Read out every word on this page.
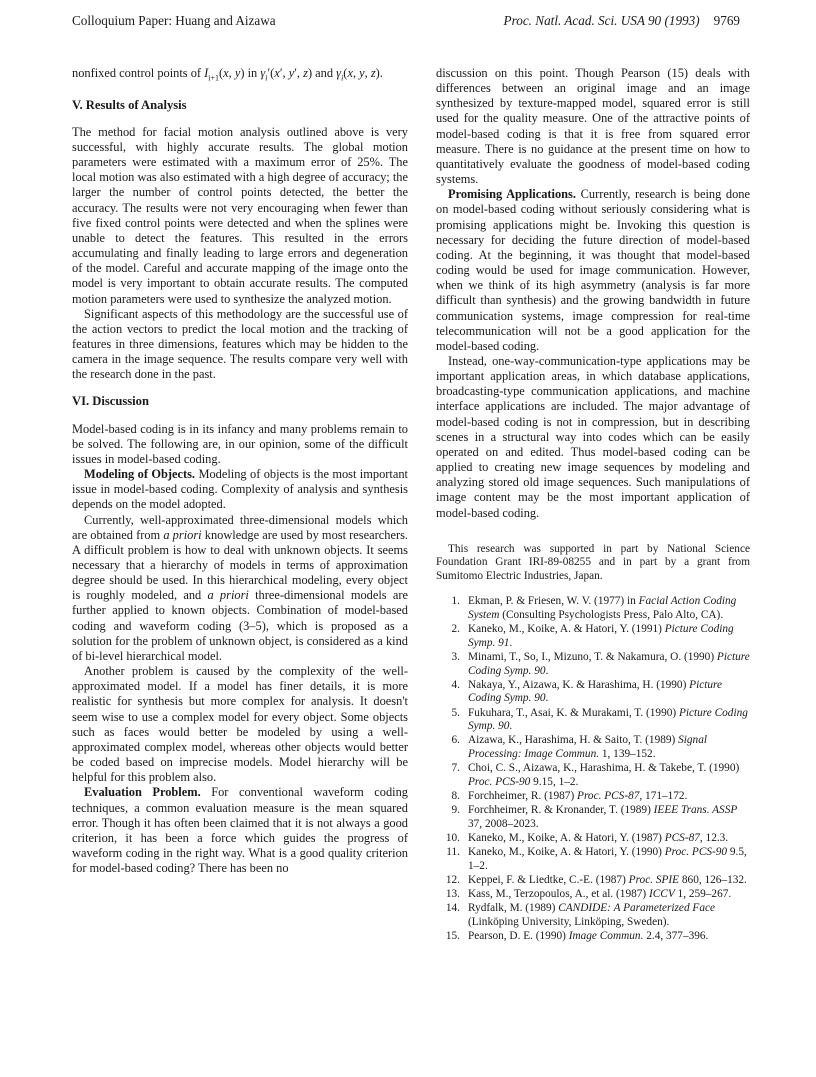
Colloquium Paper: Huang and Aizawa	Proc. Natl. Acad. Sci. USA 90 (1993) 9769

nonfixed control points of $I_{i+1}(x$, y) in $\gamma_i'(x'$, y′, z) and $\gamma_i(x$, y, z).

V. Results of Analysis

The method for facial motion analysis outlined above is very successful, with highly accurate results. The global motion parameters were estimated with a maximum error of 25%. The local motion was also estimated with a high degree of accuracy; the larger the number of control points detected, the better the accuracy. The results were not very encouraging when fewer than five fixed control points were detected and when the splines were unable to detect the features. This resulted in the errors accumulating and finally leading to large errors and degeneration of the model. Careful and accurate mapping of the image onto the model is very important to obtain accurate results. The computed motion parameters were used to synthesize the analyzed motion.

Significant aspects of this methodology are the successful use of the action vectors to predict the local motion and the tracking of features in three dimensions, features which may be hidden to the camera in the image sequence. The results compare very well with the research done in the past.

VI. Discussion

Model-based coding is in its infancy and many problems remain to be solved. The following are, in our opinion, some of the difficult issues in model-based coding.

Modeling of Objects. Modeling of objects is the most important issue in model-based coding. Complexity of analysis and synthesis depends on the model adopted.

Currently, well-approximated three-dimensional models which are obtained from a priori knowledge are used by most researchers. A difficult problem is how to deal with unknown objects. It seems necessary that a hierarchy of models in terms of approximation degree should be used. In this hierarchical modeling, every object is roughly modeled, and a priori three-dimensional models are further applied to known objects. Combination of model-based coding and waveform coding (3–5), which is proposed as a solution for the problem of unknown object, is considered as a kind of bi-level hierarchical model.

Another problem is caused by the complexity of the well-approximated model. If a model has finer details, it is more realistic for synthesis but more complex for analysis. It doesn't seem wise to use a complex model for every object. Some objects such as faces would better be modeled by using a well-approximated complex model, whereas other objects would better be coded based on imprecise models. Model hierarchy will be helpful for this problem also.

Evaluation Problem. For conventional waveform coding techniques, a common evaluation measure is the mean squared error. Though it has often been claimed that it is not always a good criterion, it has been a force which guides the progress of waveform coding in the right way. What is a good quality criterion for model-based coding? There has been no

discussion on this point. Though Pearson (15) deals with differences between an original image and an image synthesized by texture-mapped model, squared error is still used for the quality measure. One of the attractive points of model-based coding is that it is free from squared error measure. There is no guidance at the present time on how to quantitatively evaluate the goodness of model-based coding systems.

Promising Applications. Currently, research is being done on model-based coding without seriously considering what is promising applications might be. Invoking this question is necessary for deciding the future direction of model-based coding. At the beginning, it was thought that model-based coding would be used for image communication. However, when we think of its high asymmetry (analysis is far more difficult than synthesis) and the growing bandwidth in future communication systems, image compression for real-time telecommunication will not be a good application for the model-based coding.

Instead, one-way-communication-type applications may be important application areas, in which database applications, broadcasting-type communication applications, and machine interface applications are included. The major advantage of model-based coding is not in compression, but in describing scenes in a structural way into codes which can be easily operated on and edited. Thus model-based coding can be applied to creating new image sequences by modeling and analyzing stored old image sequences. Such manipulations of image content may be the most important application of model-based coding.

This research was supported in part by National Science Foundation Grant IRI-89-08255 and in part by a grant from Sumitomo Electric Industries, Japan.

1. Ekman, P. & Friesen, W. V. (1977) in Facial Action Coding System (Consulting Psychologists Press, Palo Alto, CA).
2. Kaneko, M., Koike, A. & Hatori, Y. (1991) Picture Coding Symp. 91.
3. Minami, T., So, I., Mizuno, T. & Nakamura, O. (1990) Picture Coding Symp. 90.
4. Nakaya, Y., Aizawa, K. & Harashima, H. (1990) Picture Coding Symp. 90.
5. Fukuhara, T., Asai, K. & Murakami, T. (1990) Picture Coding Symp. 90.
6. Aizawa, K., Harashima, H. & Saito, T. (1989) Signal Processing: Image Commun. 1, 139–152.
7. Choi, C. S., Aizawa, K., Harashima, H. & Takebe, T. (1990) Proc. PCS-90 9.15, 1–2.
8. Forchheimer, R. (1987) Proc. PCS-87, 171–172.
9. Forchheimer, R. & Kronander, T. (1989) IEEE Trans. ASSP 37, 2008–2023.
10. Kaneko, M., Koike, A. & Hatori, Y. (1987) PCS-87, 12.3.
11. Kaneko, M., Koike, A. & Hatori, Y. (1990) Proc. PCS-90 9.5, 1–2.
12. Keppei, F. & Liedtke, C.-E. (1987) Proc. SPIE 860, 126–132.
13. Kass, M., Terzopoulos, A., et al. (1987) ICCV 1, 259–267.
14. Rydfalk, M. (1989) CANDIDE: A Parameterized Face (Linköping University, Linköping, Sweden).
15. Pearson, D. E. (1990) Image Commun. 2.4, 377–396.
